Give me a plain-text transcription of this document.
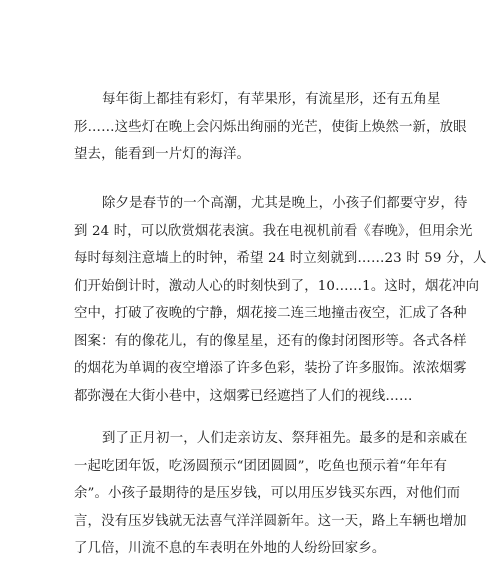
每年街上都挂有彩灯，有苹果形，有流星形，还有五角星
形……这些灯在晚上会闪烁出绚丽的光芒，使街上焕然一新，放眼
望去，能看到一片灯的海洋。

除夕是春节的一个高潮，尤其是晚上，小孩子们都要守岁，待
到 24 时，可以欣赏烟花表演。我在电视机前看《春晚》，但用余光
每时每刻注意墙上的时钟，希望 24 时立刻就到……23 时 59 分，人
们开始倒计时，激动人心的时刻快到了，10……1。这时，烟花冲向
空中，打破了夜晚的宁静，烟花接二连三地撞击夜空，汇成了各种
图案：有的像花儿，有的像星星，还有的像封闭图形等。各式各样
的烟花为单调的夜空增添了许多色彩，装扮了许多服饰。浓浓烟雾
都弥漫在大街小巷中，这烟雾已经遮挡了人们的视线……

到了正月初一，人们走亲访友、祭拜祖先。最多的是和亲戚在
一起吃团年饭，吃汤圆预示“团团圆圆”，吃鱼也预示着“年年有
余”。小孩子最期待的是压岁钱，可以用压岁钱买东西，对他们而
言，没有压岁钱就无法喜气洋洋圆新年。这一天，路上车辆也增加
了几倍，川流不息的车表明在外地的人纷纷回家乡。
